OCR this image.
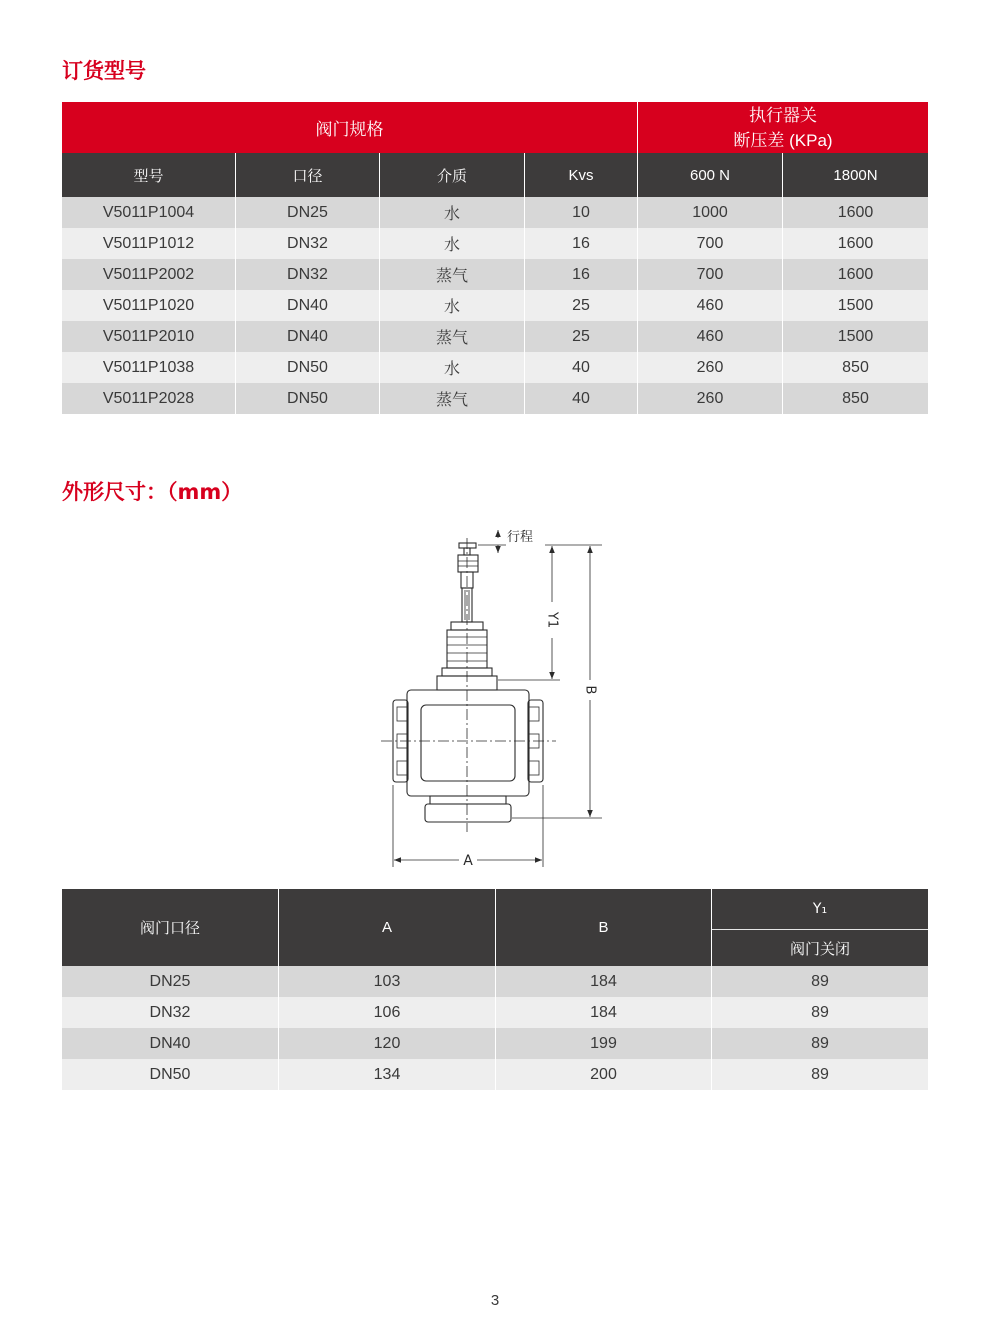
订货型号
阀门规格
执行器关
断压差 (KPa)
型号	口径	介质	Kvs	600 N	1800N
V5011P1004	DN25	水	10	1000	1600
V5011P1012	DN32	水	16	700	1600
V5011P2002	DN32	蒸气	16	700	1600
V5011P1020	DN40	水	25	460	1500
V5011P2010	DN40	蒸气	25	460	1500
V5011P1038	DN50	水	40	260	850
V5011P2028	DN50	蒸气	40	260	850
外形尺寸：（mm）
行程
Y1
B
A
阀门口径	A	B
Y₁
阀门关闭
DN25	103	184	89
DN32	106	184	89
DN40	120	199	89
DN50	134	200	89
3
